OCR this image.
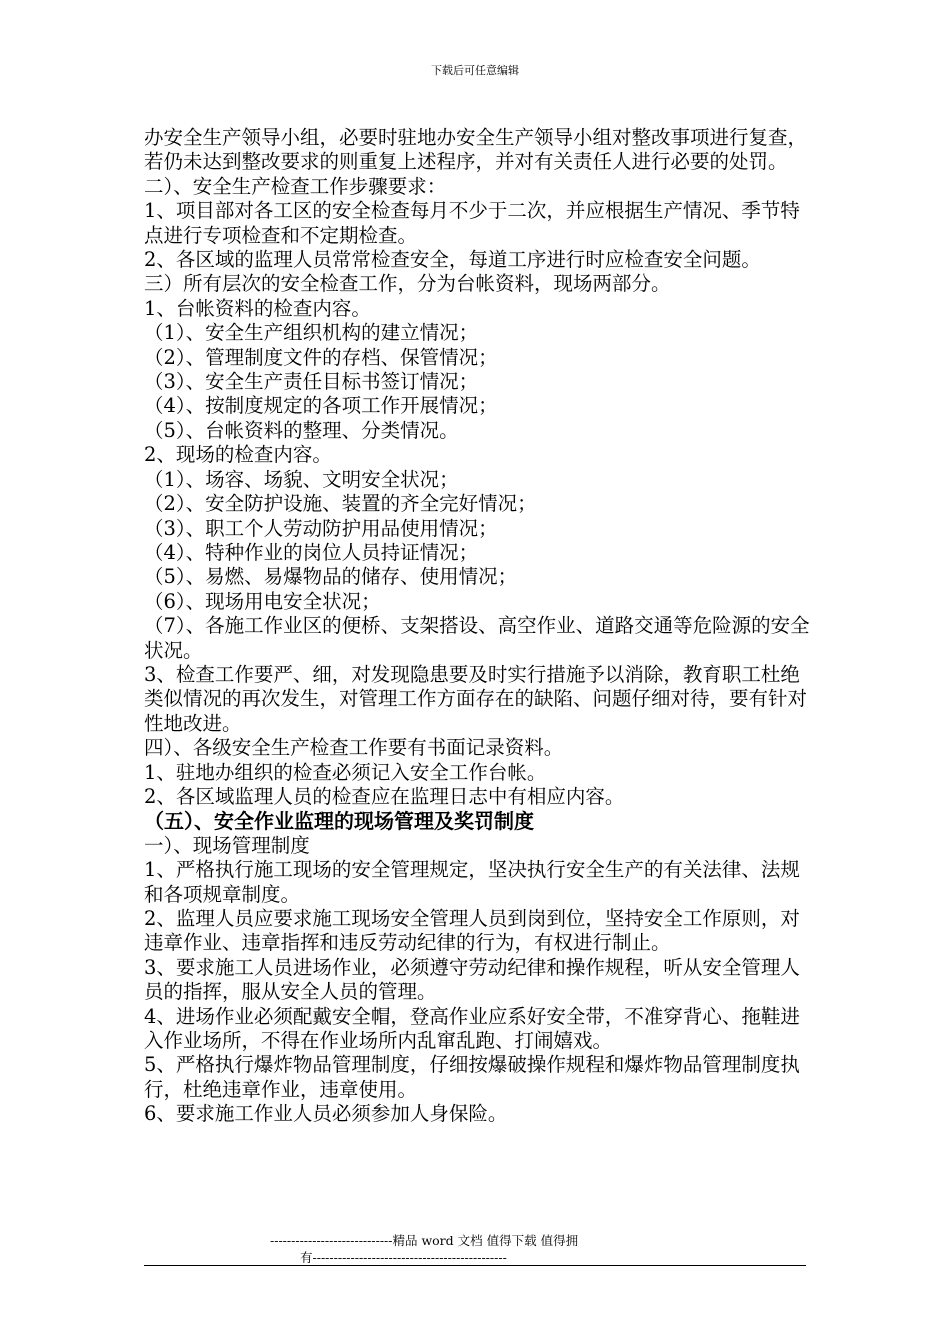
下载后可任意编辑

办安全生产领导小组，必要时驻地办安全生产领导小组对整改事项进行复查，若仍未达到整改要求的则重复上述程序，并对有关责任人进行必要的处罚。

二）、安全生产检查工作步骤要求：

1、项目部对各工区的安全检查每月不少于二次，并应根据生产情况、季节特点进行专项检查和不定期检查。

2、各区域的监理人员常常检查安全，每道工序进行时应检查安全问题。

三）所有层次的安全检查工作，分为台帐资料，现场两部分。

1、台帐资料的检查内容。

（1）、安全生产组织机构的建立情况；

（2）、管理制度文件的存档、保管情况；

（3）、安全生产责任目标书签订情况；

（4）、按制度规定的各项工作开展情况；

（5）、台帐资料的整理、分类情况。

2、现场的检查内容。

（1）、场容、场貌、文明安全状况；

（2）、安全防护设施、装置的齐全完好情况；

（3）、职工个人劳动防护用品使用情况；

（4）、特种作业的岗位人员持证情况；

（5）、易燃、易爆物品的储存、使用情况；

（6）、现场用电安全状况；

（7）、各施工作业区的便桥、支架搭设、高空作业、道路交通等危险源的安全状况。

3、检查工作要严、细，对发现隐患要及时实行措施予以消除，教育职工杜绝类似情况的再次发生，对管理工作方面存在的缺陷、问题仔细对待，要有针对性地改进。

四）、各级安全生产检查工作要有书面记录资料。

1、驻地办组织的检查必须记入安全工作台帐。

2、各区域监理人员的检查应在监理日志中有相应内容。

（五）、安全作业监理的现场管理及奖罚制度

一）、现场管理制度

1、严格执行施工现场的安全管理规定，坚决执行安全生产的有关法律、法规和各项规章制度。

2、监理人员应要求施工现场安全管理人员到岗到位，坚持安全工作原则，对违章作业、违章指挥和违反劳动纪律的行为，有权进行制止。

3、要求施工人员进场作业，必须遵守劳动纪律和操作规程，听从安全管理人员的指挥，服从安全人员的管理。

4、进场作业必须配戴安全帽，登高作业应系好安全带，不准穿背心、拖鞋进入作业场所，不得在作业场所内乱窜乱跑、打闹嬉戏。

5、严格执行爆炸物品管理制度，仔细按爆破操作规程和爆炸物品管理制度执行，杜绝违章作业，违章使用。

6、要求施工作业人员必须参加人身保险。

-----------------------------精品 word 文档 值得下载 值得拥
有----------------------------------------------
